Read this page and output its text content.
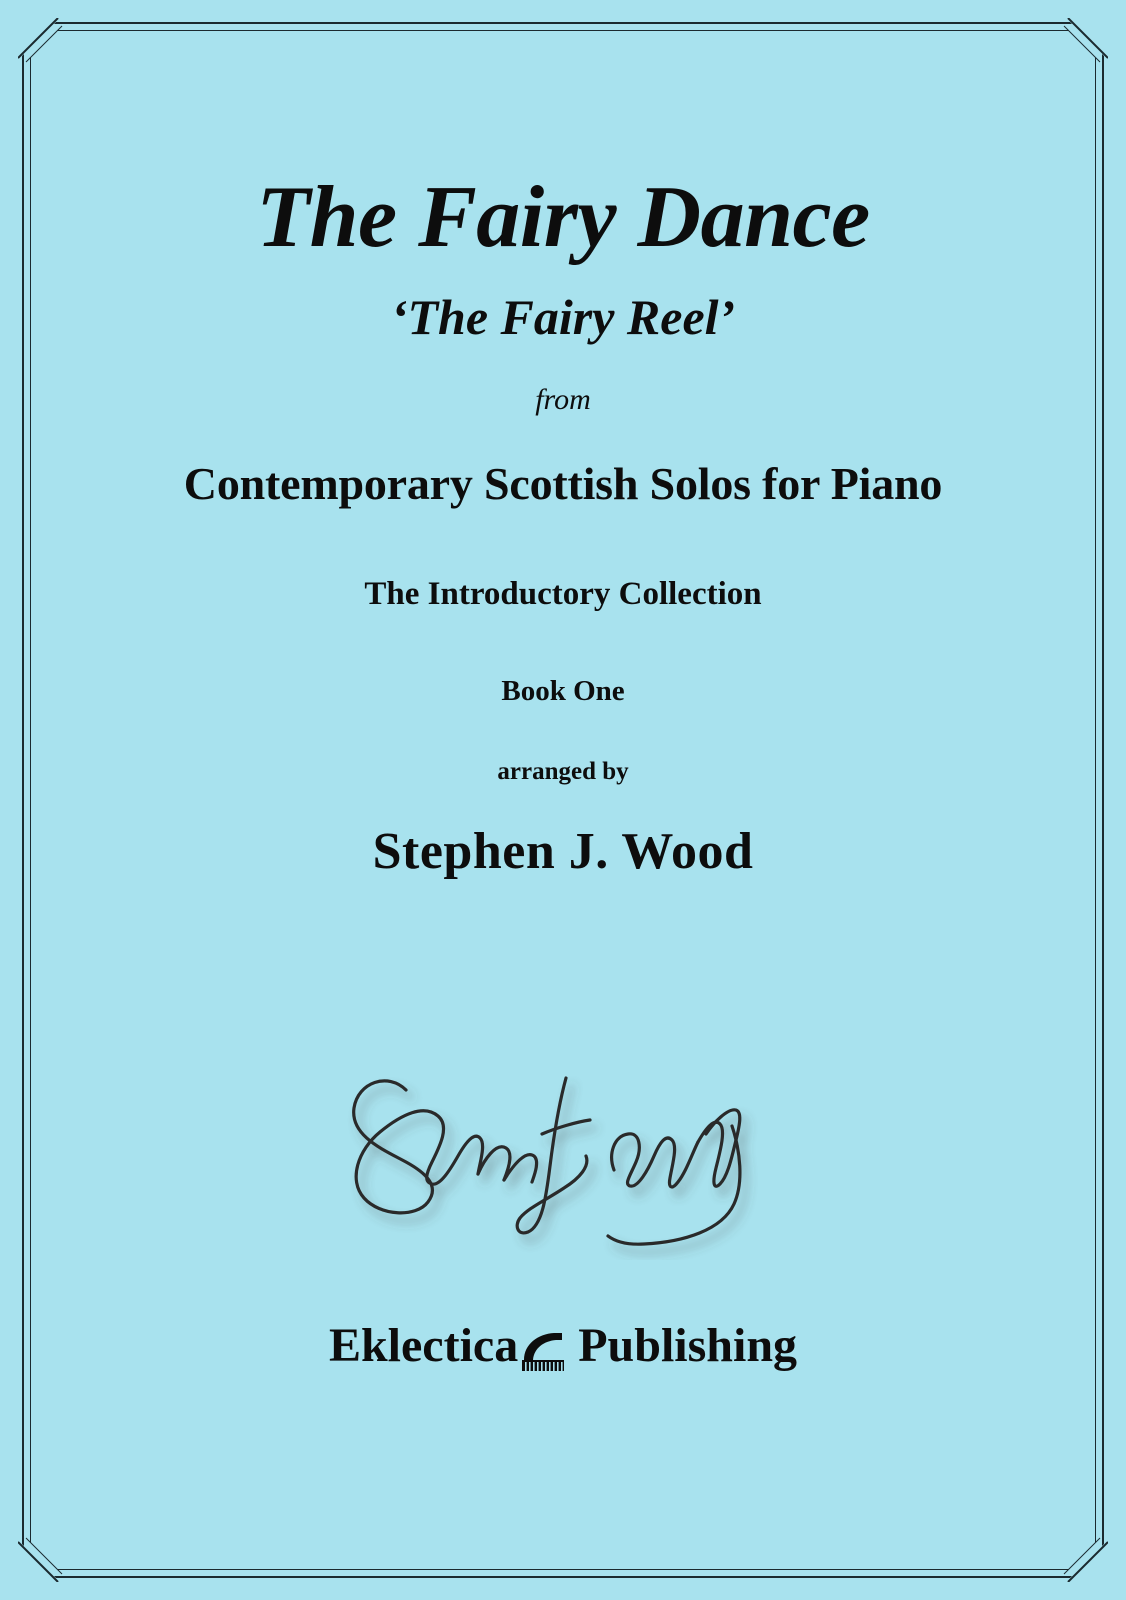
The Fairy Dance
‘The Fairy Reel’

from

Contemporary Scottish Solos for Piano

The Introductory Collection

Book One

arranged by

Stephen J. Wood

Eklectica Publishing
